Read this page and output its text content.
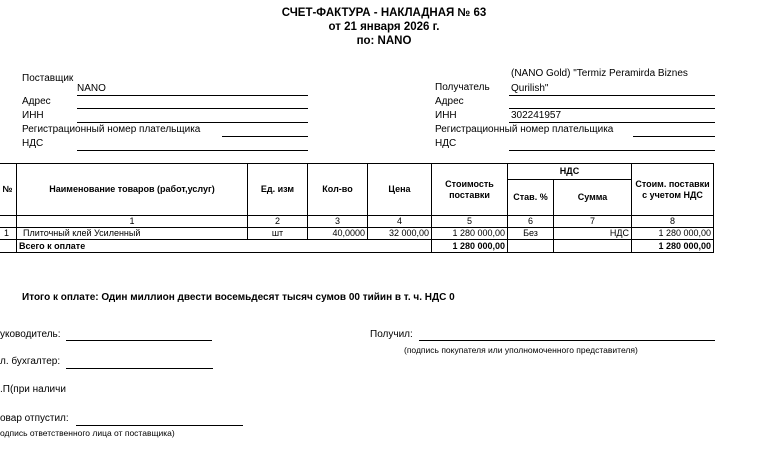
СЧЕТ-ФАКТУРА - НАКЛАДНАЯ № 63
от 21 января 2026 г.
по: NANO
Поставщик
NANO
Адрес
ИНН
Регистрационный номер плательщика
НДС
(NANO Gold) "Termiz Peramirda Biznes
Получатель Qurilish"
Адрес
ИНН	302241957
Регистрационный номер плательщика
НДС
№	Наименование товаров (работ,услуг)	Ед. изм	Кол-во	Цена	Стоимость поставки	НДС		Стоим. поставки с учетом НДС
						Став. %	Сумма	
	1	2	3	4	5	6	7	8
1	Плиточный клей Усиленный	шт	40,0000	32 000,00	1 280 000,00	Без	НДС	1 280 000,00
	Всего к оплате				1 280 000,00			1 280 000,00
Итого к оплате: Один миллион двести восемьдесят тысяч сумов 00 тийин в т. ч. НДС 0
уководитель:	Получил:
(подпись покупателя или уполномоченного представителя)
л. бухгалтер:
.П(при наличи
овар отпустил:
одпись ответственного лица от поставщика)
